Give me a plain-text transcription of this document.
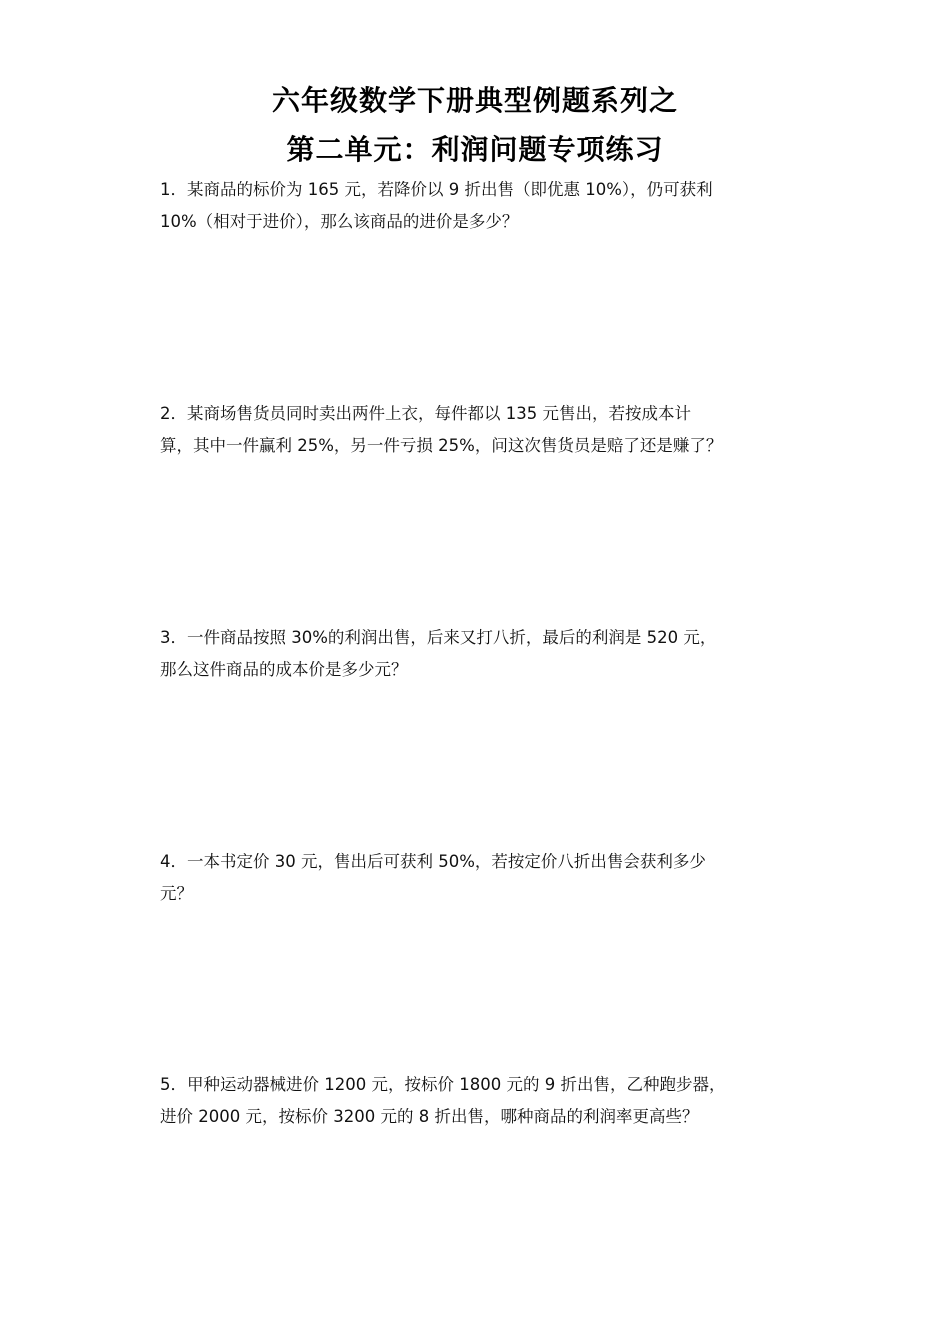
六年级数学下册典型例题系列之
第二单元：利润问题专项练习
1．某商品的标价为 165 元，若降价以 9 折出售（即优惠 10%），仍可获利
10%（相对于进价），那么该商品的进价是多少？
2．某商场售货员同时卖出两件上衣，每件都以 135 元售出，若按成本计
算，其中一件赢利 25%，另一件亏损 25%，问这次售货员是赔了还是赚了？
3．一件商品按照 30%的利润出售，后来又打八折，最后的利润是 520 元，
那么这件商品的成本价是多少元？
4．一本书定价 30 元，售出后可获利 50%，若按定价八折出售会获利多少
元？
5．甲种运动器械进价 1200 元，按标价 1800 元的 9 折出售，乙种跑步器，
进价 2000 元，按标价 3200 元的 8 折出售，哪种商品的利润率更高些？
